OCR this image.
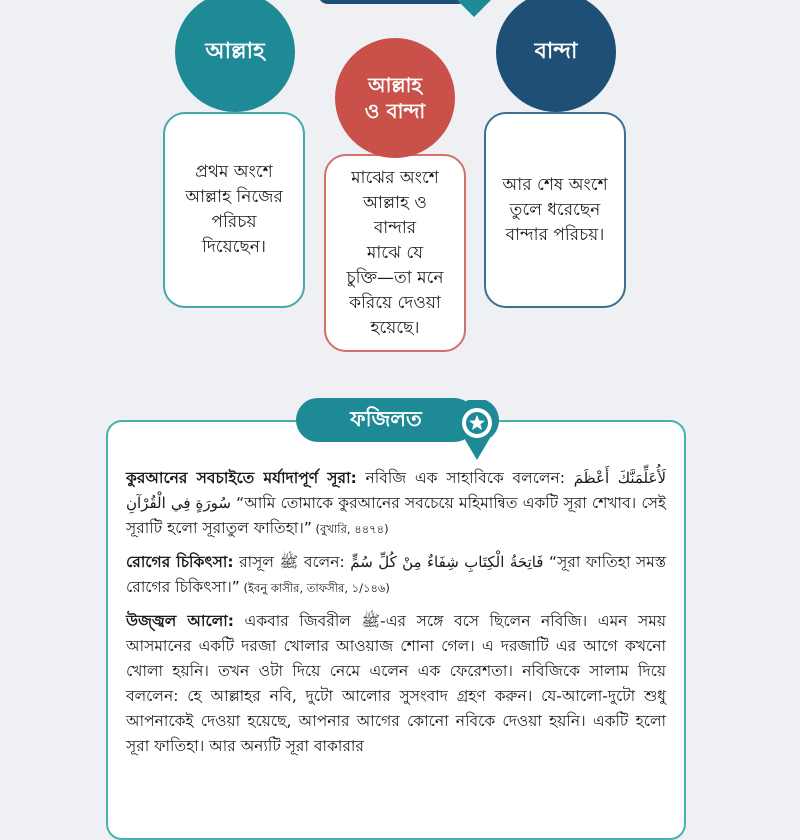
প্রথম অংশে
আল্লাহ নিজের
পরিচয়
দিয়েছেন।
আল্লাহ
মাঝের অংশে
আল্লাহ ও বান্দার
মাঝে যে
চুক্তি—তা মনে
করিয়ে দেওয়া
হয়েছে।
আল্লাহ
ও বান্দা
আর শেষ অংশে
তুলে ধরেছেন
বান্দার পরিচয়।
বান্দা
ফজিলত

কুরআনের সবচাইতে মর্যাদাপূর্ণ সূরা: নবিজি এক সাহাবিকে বললেন: لَأُعَلِّمَنَّكَ أَعْظَمَ سُورَةٍ فِي الْقُرْآنِ “আমি তোমাকে কুরআনের সবচেয়ে মহিমান্বিত একটি সূরা শেখাব। সেই সূরাটি হলো সূরাতুল ফাতিহা।” (বুখারি, ৪৪৭৪)

রোগের চিকিৎসা: রাসূল ﷺ বলেন: فَاتِحَةُ الْكِتَابِ شِفَاءٌ مِنْ كُلِّ سُمٍّ “সূরা ফাতিহা সমস্ত রোগের চিকিৎসা।” (ইবনু কাসীর, তাফসীর, ১/১৪৬)

উজ্জ্বল আলো: একবার জিবরীল ﷺ-এর সঙ্গে বসে ছিলেন নবিজি। এমন সময় আসমানের একটি দরজা খোলার আওয়াজ শোনা গেল। এ দরজাটি এর আগে কখনো খোলা হয়নি। তখন ওটা দিয়ে নেমে এলেন এক ফেরেশতা। নবিজিকে সালাম দিয়ে বললেন: হে আল্লাহর নবি, দুটো আলোর সুসংবাদ গ্রহণ করুন। যে-আলো-দুটো শুধু আপনাকেই দেওয়া হয়েছে, আপনার আগের কোনো নবিকে দেওয়া হয়নি। একটি হলো সূরা ফাতিহা। আর অন্যটি সূরা বাকারার
